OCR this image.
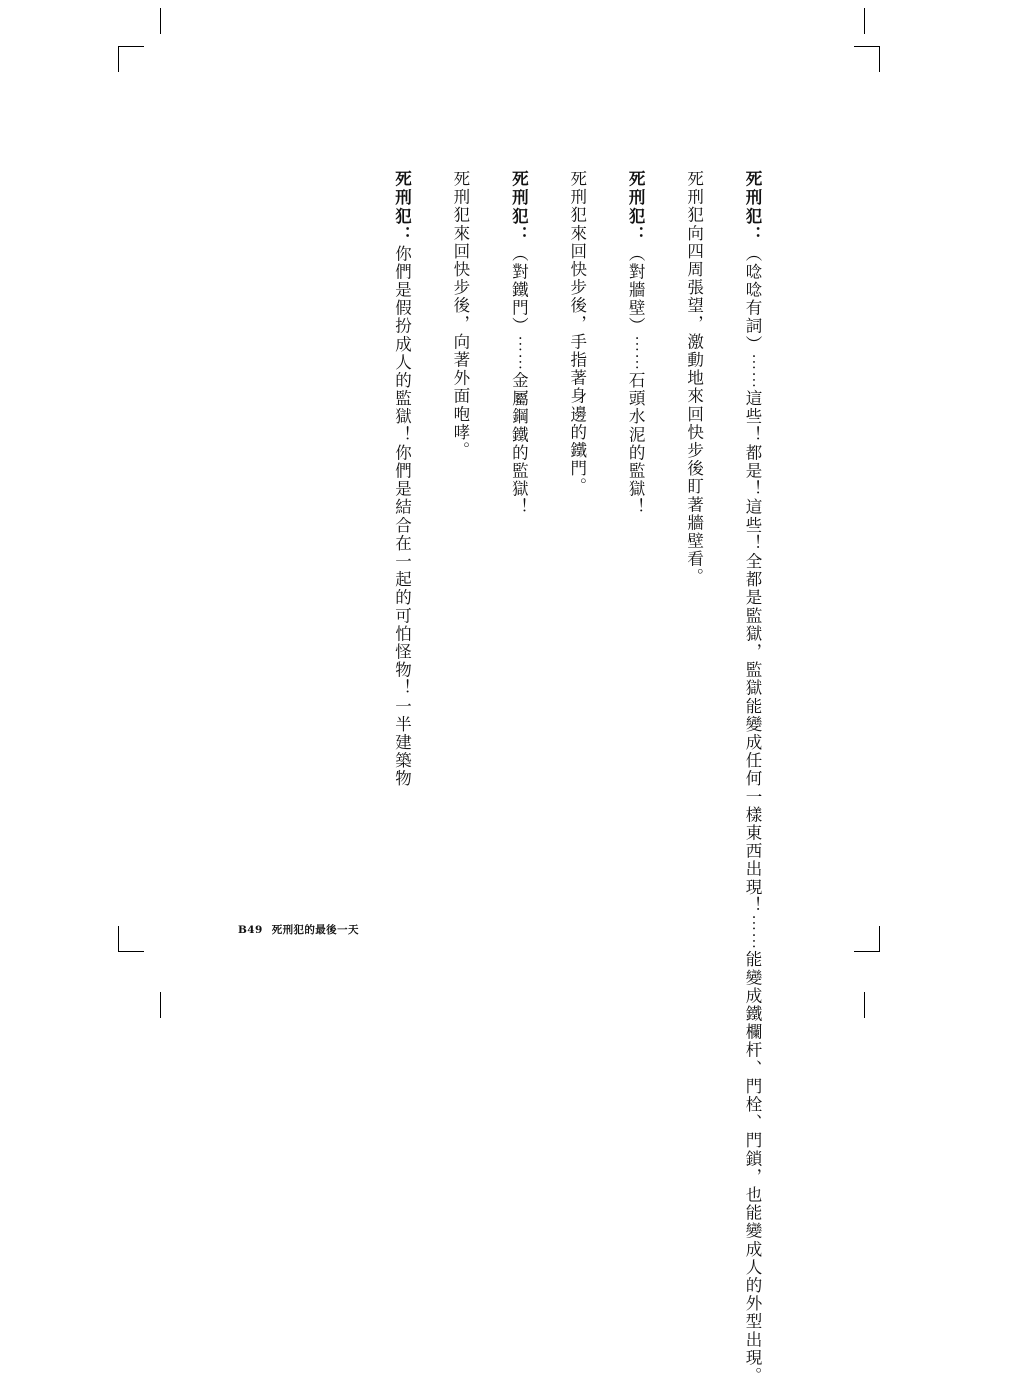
死刑犯：（唸唸有詞）⋯⋯這些！都是！這些！全都是監獄，監獄能變成任何一樣東西出現！⋯⋯能變成鐵欄杆、門栓、門鎖，也能變成人的外型出現。
死刑犯向四周張望，激動地來回快步後盯著牆壁看。
死刑犯：（對牆壁）⋯⋯石頭水泥的監獄！
死刑犯來回快步後，手指著身邊的鐵門。
死刑犯：（對鐵門）⋯⋯金屬鋼鐵的監獄！
死刑犯來回快步後，向著外面咆哮。
死刑犯：你們是假扮成人的監獄！你們是結合在一起的可怕怪物！一半建築物
B49 死刑犯的最後一天
